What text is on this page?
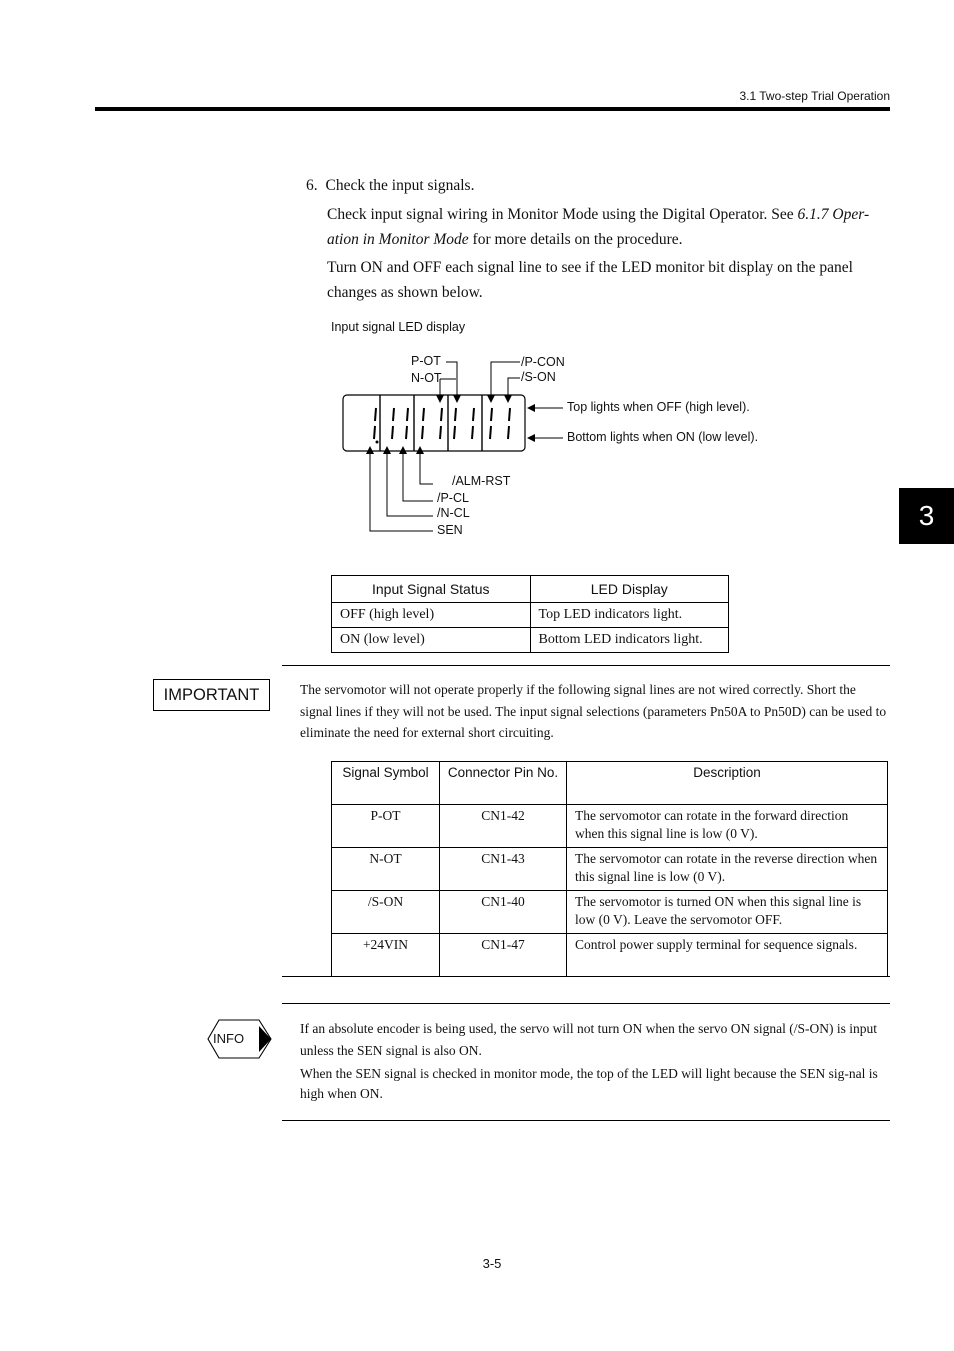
3.1 Two-step Trial Operation
3
6. Check the input signals.
Check input signal wiring in Monitor Mode using the Digital Operator. See 6.1.7 Oper-ation in Monitor Mode for more details on the procedure.
Turn ON and OFF each signal line to see if the LED monitor bit display on the panel changes as shown below.
Input signal LED display
P-OT
N-OT
/P-CON
/S-ON
Top lights when OFF (high level).
Bottom lights when ON (low level).
/ALM-RST
/P-CL
/N-CL
SEN
Input Signal Status	LED Display
OFF (high level)	Top LED indicators light.
ON (low level)	Bottom LED indicators light.
IMPORTANT	The servomotor will not operate properly if the following signal lines are not wired correctly. Short the signal lines if they will not be used. The input signal selections (parameters Pn50A to Pn50D) can be used to eliminate the need for external short circuiting.
Signal Symbol	Connector Pin No.	Description
P-OT	CN1-42	The servomotor can rotate in the forward direction when this signal line is low (0 V).
N-OT	CN1-43	The servomotor can rotate in the reverse direction when this signal line is low (0 V).
/S-ON	CN1-40	The servomotor is turned ON when this signal line is low (0 V). Leave the servomotor OFF.
+24VIN	CN1-47	Control power supply terminal for sequence signals.
INFO
If an absolute encoder is being used, the servo will not turn ON when the servo ON signal (/S-ON) is input unless the SEN signal is also ON.
When the SEN signal is checked in monitor mode, the top of the LED will light because the SEN sig-nal is high when ON.
3-5
